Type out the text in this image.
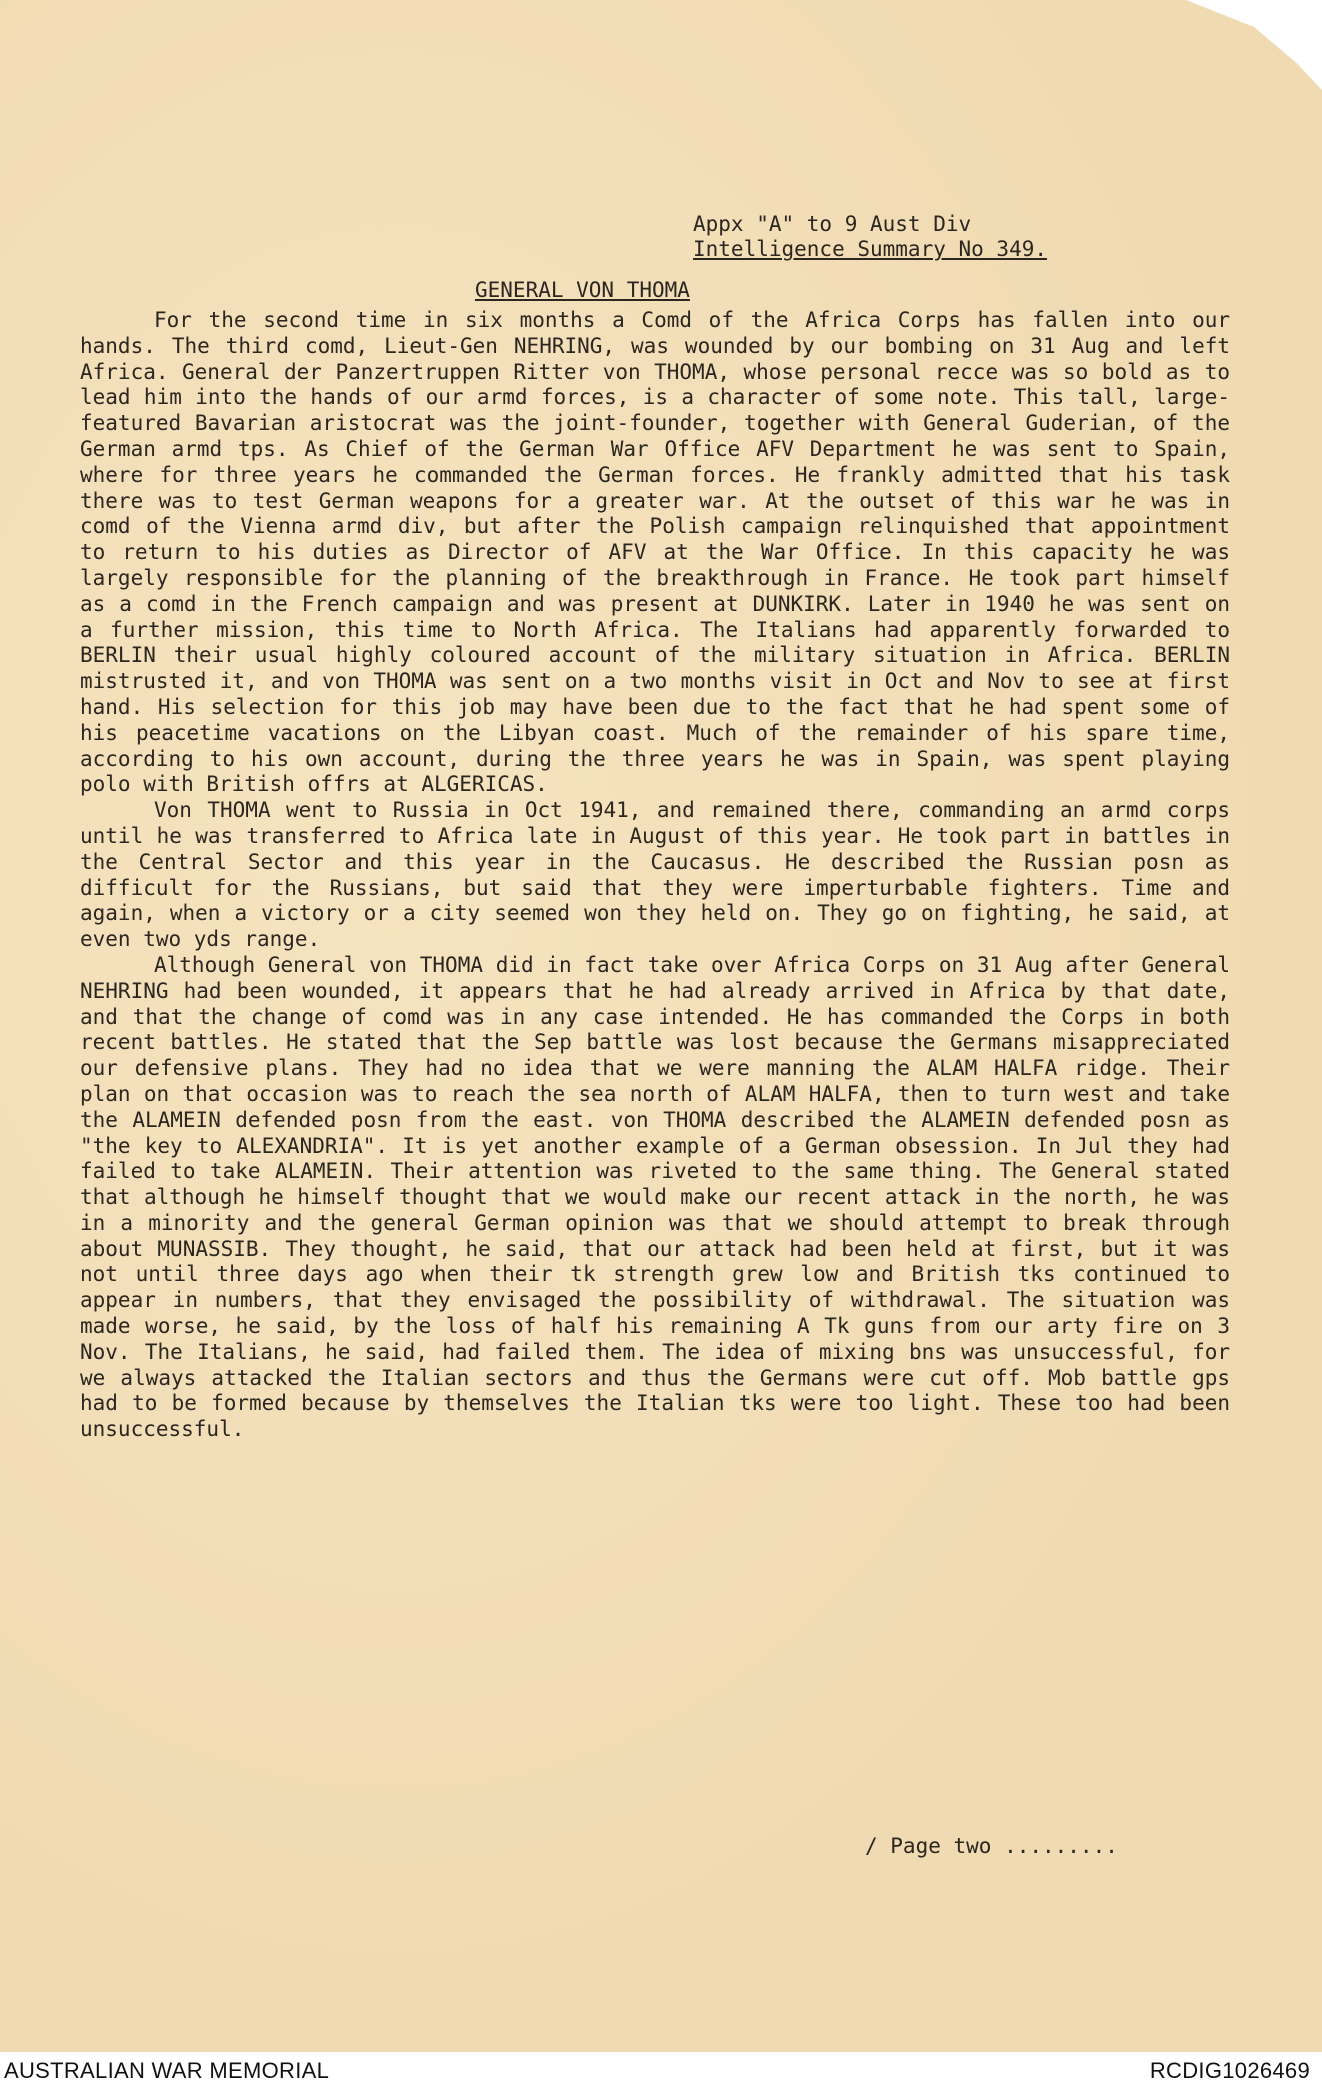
Appx "A" to 9 Aust Div
Intelligence Summary No 349.
GENERAL VON THOMA

For the second time in six months a Comd of the Africa Corps has fallen into our hands. The third comd, Lieut-Gen NEHRING, was wounded by our bombing on 31 Aug and left Africa. General der Panzertruppen Ritter von THOMA, whose personal recce was so bold as to lead him into the hands of our armd forces, is a character of some note. This tall, large-featured Bavarian aristocrat was the joint-founder, together with General Guderian, of the German armd tps. As Chief of the German War Office AFV Department he was sent to Spain, where for three years he commanded the German forces. He frankly admitted that his task there was to test German weapons for a greater war. At the outset of this war he was in comd of the Vienna armd div, but after the Polish campaign relinquished that appointment to return to his duties as Director of AFV at the War Office. In this capacity he was largely responsible for the planning of the breakthrough in France. He took part himself as a comd in the French campaign and was present at DUNKIRK. Later in 1940 he was sent on a further mission, this time to North Africa. The Italians had apparently forwarded to BERLIN their usual highly coloured account of the military situation in Africa. BERLIN mistrusted it, and von THOMA was sent on a two months visit in Oct and Nov to see at first hand. His selection for this job may have been due to the fact that he had spent some of his peacetime vacations on the Libyan coast. Much of the remainder of his spare time, according to his own account, during the three years he was in Spain, was spent playing polo with British offrs at ALGERICAS.

Von THOMA went to Russia in Oct 1941, and remained there, commanding an armd corps until he was transferred to Africa late in August of this year. He took part in battles in the Central Sector and this year in the Caucasus. He described the Russian posn as difficult for the Russians, but said that they were imperturbable fighters. Time and again, when a victory or a city seemed won they held on. They go on fighting, he said, at even two yds range.

Although General von THOMA did in fact take over Africa Corps on 31 Aug after General NEHRING had been wounded, it appears that he had already arrived in Africa by that date, and that the change of comd was in any case intended. He has commanded the Corps in both recent battles. He stated that the Sep battle was lost because the Germans misappreciated our defensive plans. They had no idea that we were manning the ALAM HALFA ridge. Their plan on that occasion was to reach the sea north of ALAM HALFA, then to turn west and take the ALAMEIN defended posn from the east. von THOMA described the ALAMEIN defended posn as "the key to ALEXANDRIA". It is yet another example of a German obsession. In Jul they had failed to take ALAMEIN. Their attention was riveted to the same thing. The General stated that although he himself thought that we would make our recent attack in the north, he was in a minority and the general German opinion was that we should attempt to break through about MUNASSIB. They thought, he said, that our attack had been held at first, but it was not until three days ago when their tk strength grew low and British tks continued to appear in numbers, that they envisaged the possibility of withdrawal. The situation was made worse, he said, by the loss of half his remaining A Tk guns from our arty fire on 3 Nov. The Italians, he said, had failed them. The idea of mixing bns was unsuccessful, for we always attacked the Italian sectors and thus the Germans were cut off. Mob battle gps had to be formed because by themselves the Italian tks were too light. These too had been unsuccessful.

/ Page two .........
AUSTRALIAN WAR MEMORIAL	RCDIG1026469
